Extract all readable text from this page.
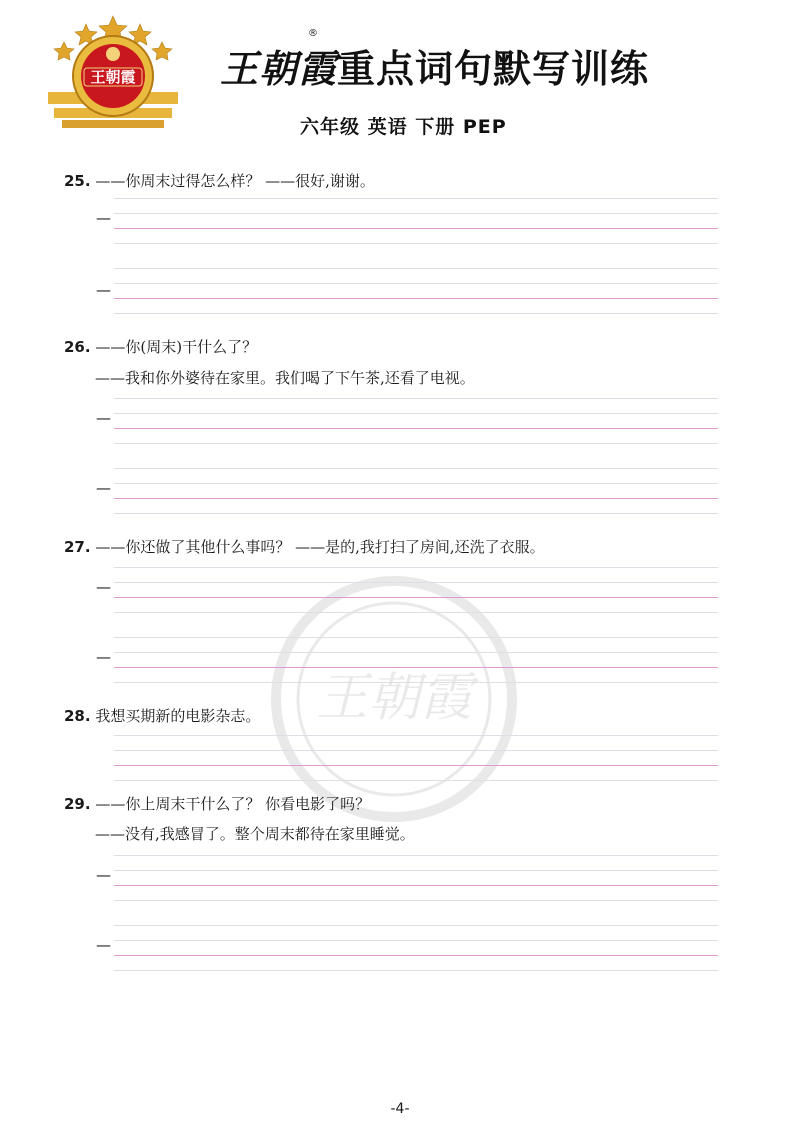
王朝霞 王朝霞重点词句默写训练
®
六年级 英语 下册 PEP
王朝霞
25. ——你周末过得怎么样？ ——很好,谢谢。
—
—
26. ——你(周末)干什么了？
——我和你外婆待在家里。我们喝了下午茶,还看了电视。
—
—
27. ——你还做了其他什么事吗？ ——是的,我打扫了房间,还洗了衣服。
—
—
28. 我想买期新的电影杂志。
29. ——你上周末干什么了？ 你看电影了吗？
——没有,我感冒了。整个周末都待在家里睡觉。
—
—
-4-
